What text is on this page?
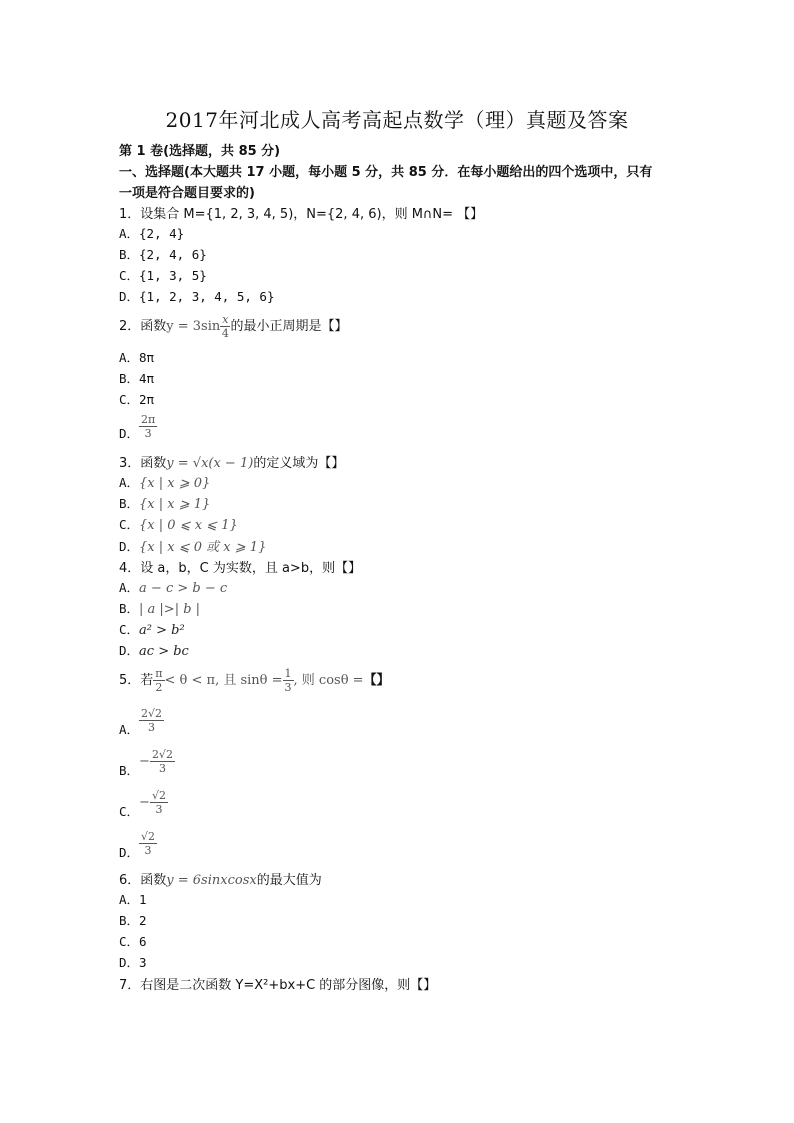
2017年河北成人高考高起点数学（理）真题及答案
第 1 卷(选择题，共 85 分)
一、选择题(本大题共 17 小题，每小题 5 分，共 85 分．在每小题给出的四个选项中，只有
一项是符合题目要求的)
1．设集合 M={1, 2, 3, 4, 5)，N={2, 4, 6)，则 M∩N= 【】
A．{2, 4}
B．{2, 4, 6}
C．{1, 3, 5}
D．{1, 2, 3, 4, 5, 6}
2．函数$y = 3\sin \frac{x}{4}$ 的最小正周期是【】
A．8π
B．4π
C．2π
D． $\frac{2\pi}{3}$
3．函数y = √x(x − 1)的定义域为【】
A．{x | x ⩾ 0}
B．{x | x ⩾ 1}
C．{x | 0 ⩽ x ⩽ 1}
D．{x | x ⩽ 0 或 x ⩾ 1}
4．设 a，b，C 为实数，且 a>b，则【】
A．a − c > b − c
B．| a |>| b |
C．a² > b²
D．ac > bc
5．若 $\frac{\pi}{2} < \theta < \pi$, 且 $\sin\theta = \frac{1}{3}$ , 则 cosθ =【】
A． $\frac{2√2}{3}$
B．− $\frac{2√2}{3}$
C．− $\frac{√2}{3}$
D． $\frac{√2}{3}$
6．函数y = 6sinxcosx的最大值为
A．1
B．2
C．6
D．3
7．右图是二次函数 Y=X²+bx+C 的部分图像，则【】
